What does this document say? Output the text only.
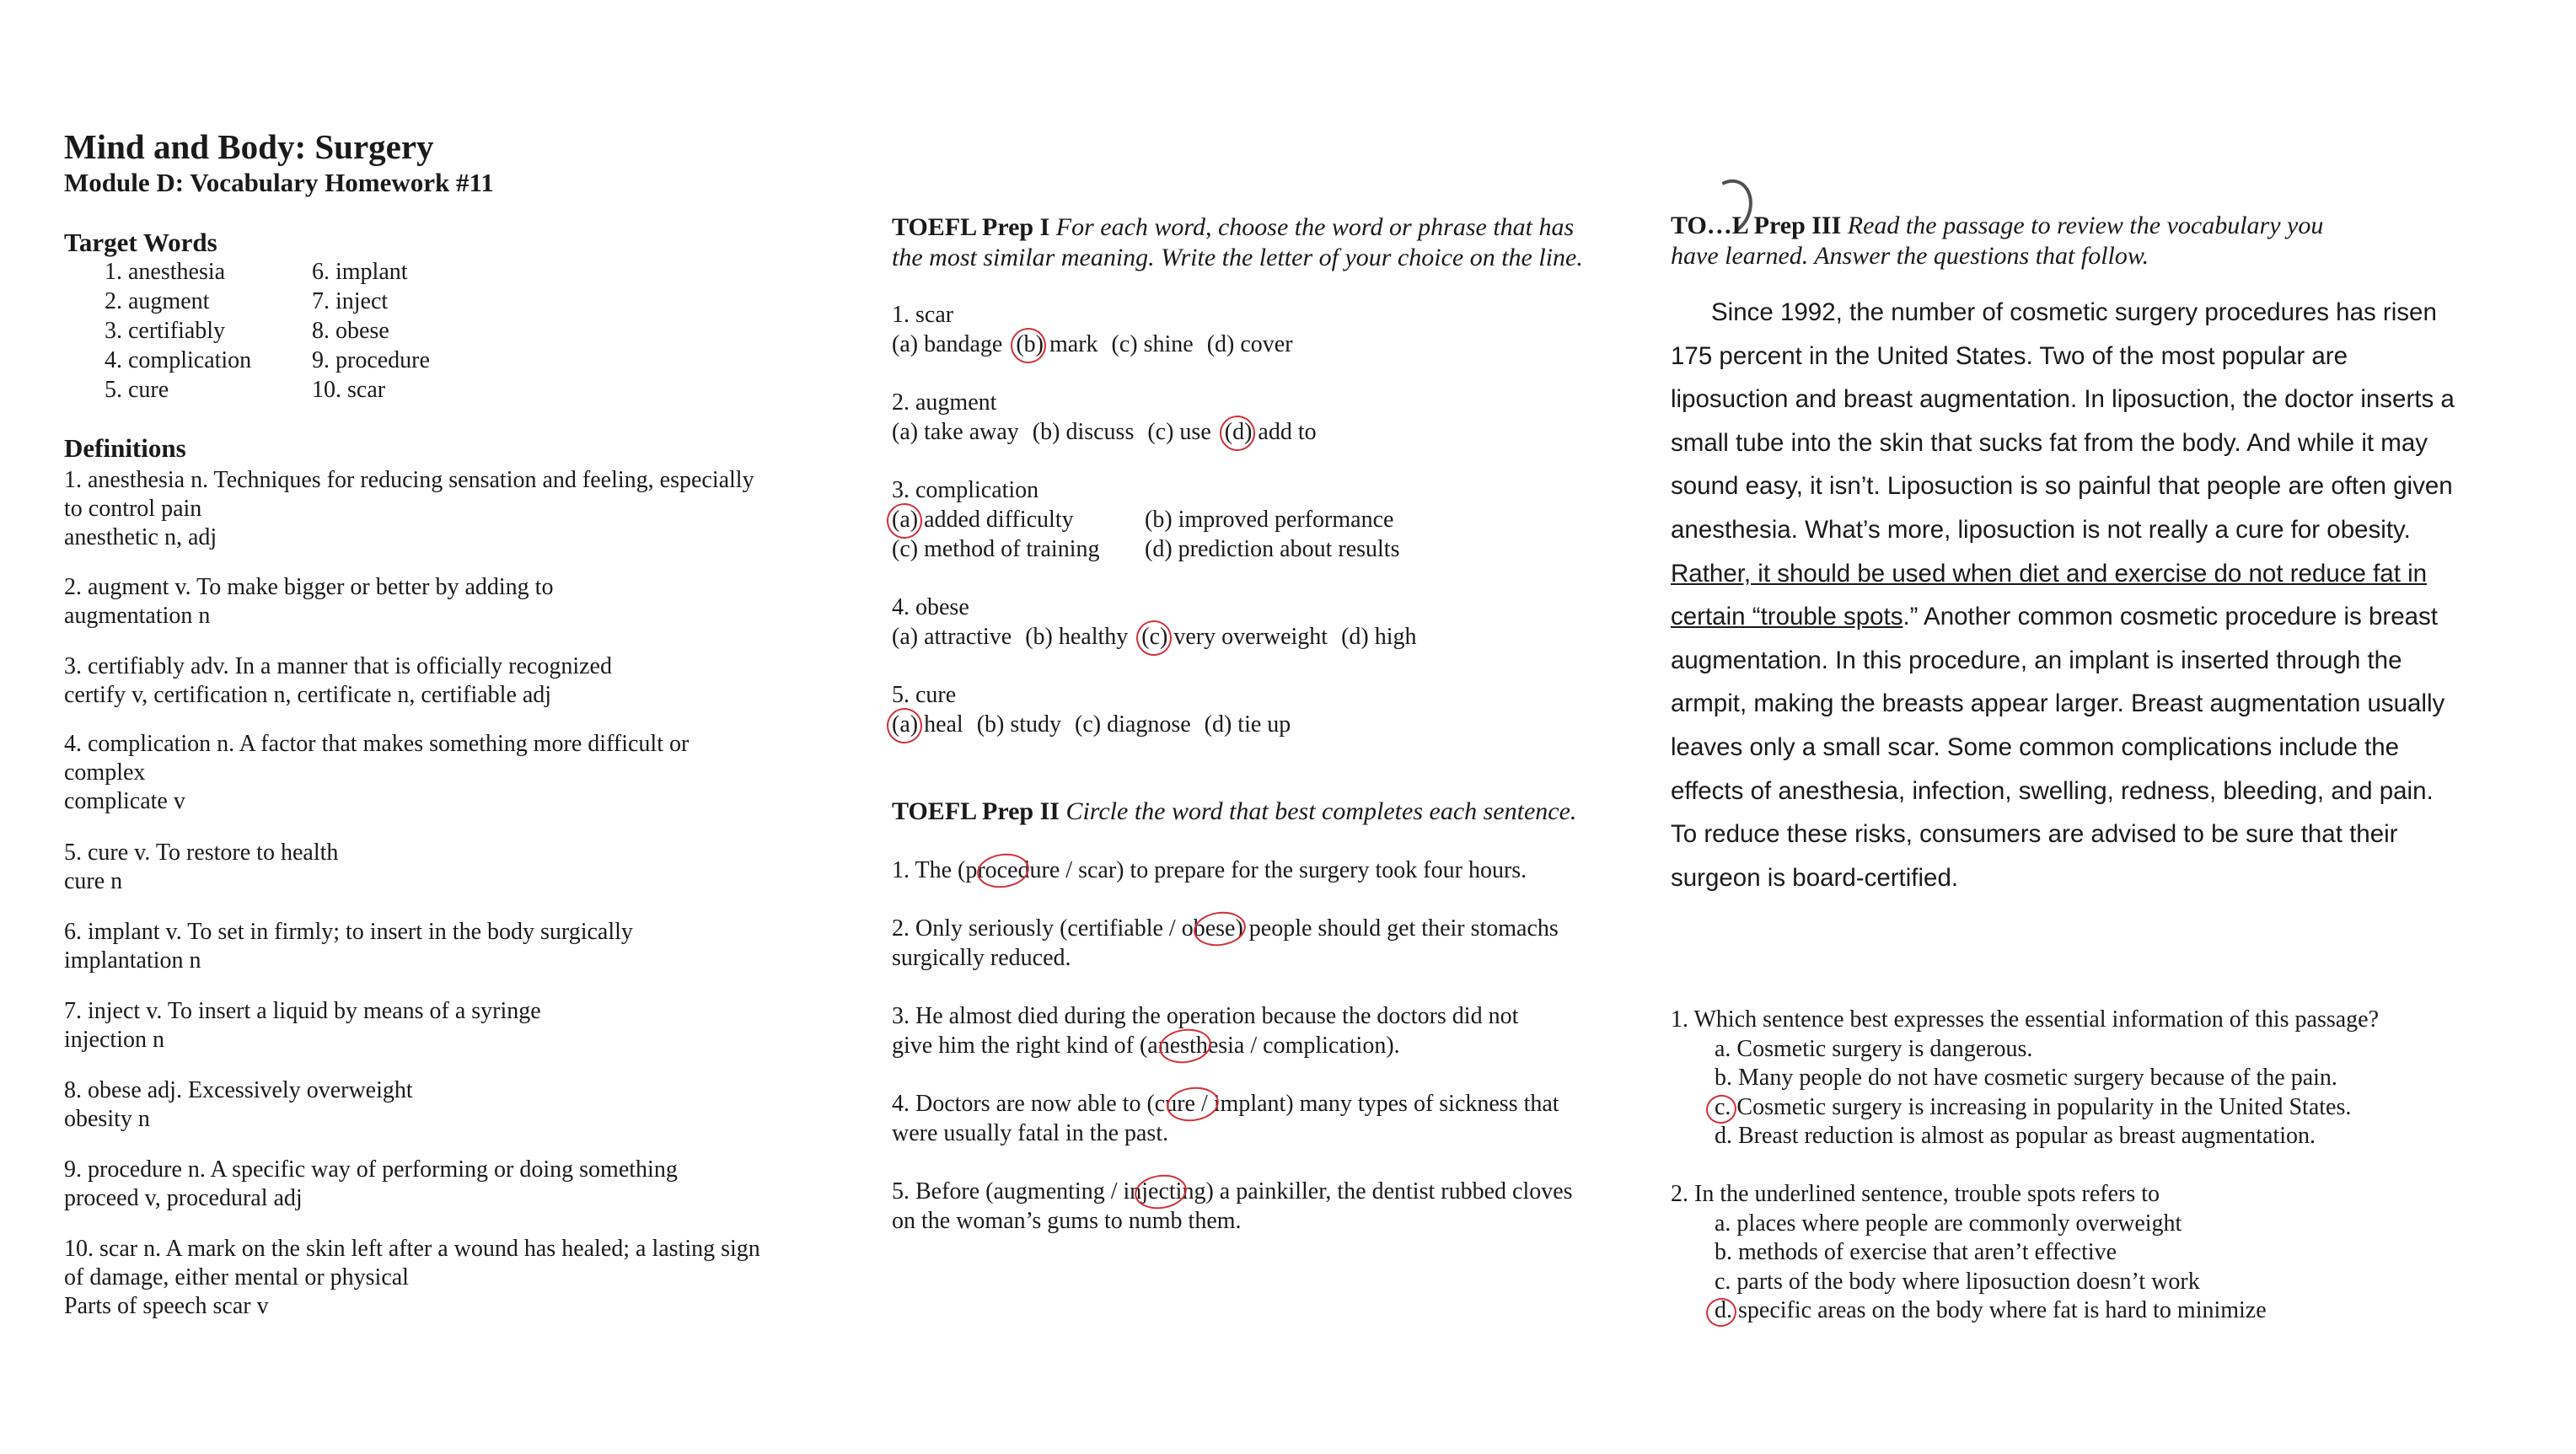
Mind and Body: Surgery
Module D: Vocabulary Homework #11
Target Words
1. anesthesia
2. augment
3. certifiably
4. complication
5. cure
6. implant
7. inject
8. obese
9. procedure
10. scar
Definitions
1. anesthesia n. Techniques for reducing sensation and feeling, especially
to control pain
anesthetic n, adj
2. augment v. To make bigger or better by adding to
augmentation n
3. certifiably adv. In a manner that is officially recognized
certify v, certification n, certificate n, certifiable adj
4. complication n. A factor that makes something more difficult or
complex
complicate v
5. cure v. To restore to health
cure n
6. implant v. To set in firmly; to insert in the body surgically
implantation n
7. inject v. To insert a liquid by means of a syringe
injection n
8. obese adj. Excessively overweight
obesity n
9. procedure n. A specific way of performing or doing something
proceed v, procedural adj
10. scar n. A mark on the skin left after a wound has healed; a lasting sign
of damage, either mental or physical
Parts of speech scar v
TOEFL Prep I For each word, choose the word or phrase that has
the most similar meaning. Write the letter of your choice on the line.
1. scar
(a) bandage (b) mark (c) shine (d) cover
2. augment
(a) take away (b) discuss (c) use (d) add to
3. complication
(a) added difficulty	(b) improved performance
(c) method of training	(d) prediction about results
4. obese
(a) attractive (b) healthy (c) very overweight (d) high
5. cure
(a) heal (b) study (c) diagnose (d) tie up
TOEFL Prep II Circle the word that best completes each sentence.
1. The (procedure / scar) to prepare for the surgery took four hours.
2. Only seriously (certifiable / obese) people should get their stomachs
surgically reduced.
3. He almost died during the operation because the doctors did not
give him the right kind of (anesthesia / complication).
4. Doctors are now able to (cure / implant) many types of sickness that
were usually fatal in the past.
5. Before (augmenting / injecting) a painkiller, the dentist rubbed cloves
on the woman’s gums to numb them.
TO…L Prep III Read the passage to review the vocabulary you
have learned. Answer the questions that follow.
Since 1992, the number of cosmetic surgery procedures has risen 175 percent in the United States. Two of the most popular are liposuction and breast augmentation. In liposuction, the doctor inserts a small tube into the skin that sucks fat from the body. And while it may sound easy, it isn’t. Liposuction is so painful that people are often given anesthesia. What’s more, liposuction is not really a cure for obesity. Rather, it should be used when diet and exercise do not reduce fat in certain “trouble spots.” Another common cosmetic procedure is breast augmentation. In this procedure, an implant is inserted through the armpit, making the breasts appear larger. Breast augmentation usually leaves only a small scar. Some common complications include the effects of anesthesia, infection, swelling, redness, bleeding, and pain. To reduce these risks, consumers are advised to be sure that their surgeon is board-certified.
1. Which sentence best expresses the essential information of this passage?
a. Cosmetic surgery is dangerous.
b. Many people do not have cosmetic surgery because of the pain.
c. Cosmetic surgery is increasing in popularity in the United States.
d. Breast reduction is almost as popular as breast augmentation.
2. In the underlined sentence, trouble spots refers to
a. places where people are commonly overweight
b. methods of exercise that aren’t effective
c. parts of the body where liposuction doesn’t work
d. specific areas on the body where fat is hard to minimize
